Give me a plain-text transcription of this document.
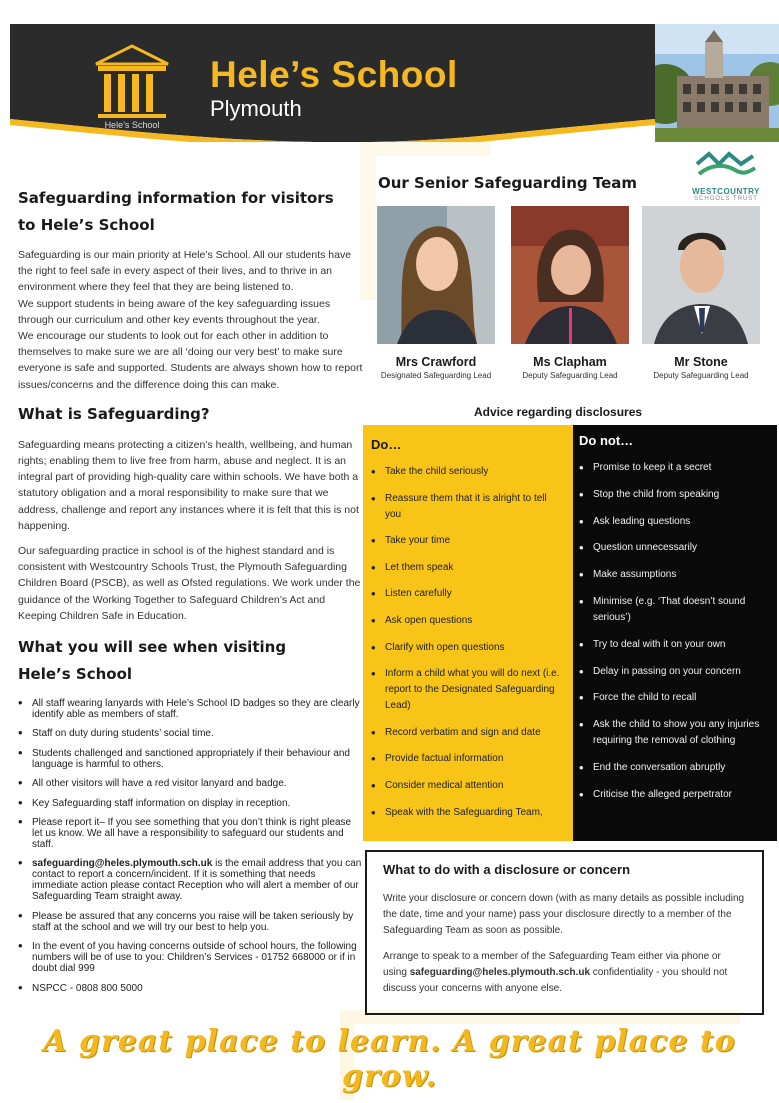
Hele’s School
Hele’s School
Plymouth
WESTCOUNTRY
SCHOOLS TRUST
Safeguarding information for visitors to Hele’s School

Safeguarding is our main priority at Hele’s School. All our students have the right to feel safe in every aspect of their lives, and to thrive in an environment where they feel that they are being listened to.

We support students in being aware of the key safeguarding issues through our curriculum and other key events throughout the year.

We encourage our students to look out for each other in addition to themselves to make sure we are all ‘doing our very best’ to make sure everyone is safe and supported. Students are always shown how to report issues/concerns and the difference doing this can make.

What is Safeguarding?

Safeguarding means protecting a citizen’s health, wellbeing, and human rights; enabling them to live free from harm, abuse and neglect. It is an integral part of providing high-quality care within schools. We have both a statutory obligation and a moral responsibility to make sure that we address, challenge and report any instances where it is felt that this is not happening.

Our safeguarding practice in school is of the highest standard and is consistent with Westcountry Schools Trust, the Plymouth Safeguarding Children Board (PSCB), as well as Ofsted regulations. We work under the guidance of the Working Together to Safeguard Children’s Act and Keeping Children Safe in Education.

What you will see when visiting Hele’s School
• All staff wearing lanyards with Hele’s School ID badges so they are clearly identify able as members of staff.
• Staff on duty during students’ social time.
• Students challenged and sanctioned appropriately if their behaviour and language is harmful to others.
• All other visitors will have a red visitor lanyard and badge.
• Key Safeguarding staff information on display in reception.
• Please report it– If you see something that you don’t think is right please let us know. We all have a responsibility to safeguard our students and staff.
• safeguarding@heles.plymouth.sch.uk is the email address that you can contact to report a concern/incident. If it is something that needs immediate action please contact Reception who will alert a member of our Safeguarding Team straight away.
• Please be assured that any concerns you raise will be taken seriously by staff at the school and we will try our best to help you.
• In the event of you having concerns outside of school hours, the following numbers will be of use to you: Children’s Services - 01752 668000 or if in doubt dial 999
• NSPCC - 0808 800 5000
Our Senior Safeguarding Team
Mrs Crawford
Designated Safeguarding Lead
Ms Clapham
Deputy Safeguarding Lead
Mr Stone
Deputy Safeguarding Lead
Advice regarding disclosures
Do…
• Take the child seriously
• Reassure them that it is alright to tell you
• Take your time
• Let them speak
• Listen carefully
• Ask open questions
• Clarify with open questions
• Inform a child what you will do next (i.e. report to the Designated Safeguarding Lead)
• Record verbatim and sign and date
• Provide factual information
• Consider medical attention
• Speak with the Safeguarding Team,
Do not…
• Promise to keep it a secret
• Stop the child from speaking
• Ask leading questions
• Question unnecessarily
• Make assumptions
• Minimise (e.g. ‘That doesn’t sound serious’)
• Try to deal with it on your own
• Delay in passing on your concern
• Force the child to recall
• Ask the child to show you any injuries requiring the removal of clothing
• End the conversation abruptly
• Criticise the alleged perpetrator
What to do with a disclosure or concern

Write your disclosure or concern down (with as many details as possible including the date, time and your name) pass your disclosure directly to a member of the Safeguarding Team as soon as possible.

Arrange to speak to a member of the Safeguarding Team either via phone or using safeguarding@heles.plymouth.sch.uk confidentiality - you should not discuss your concerns with anyone else.

A great place to learn. A great place to grow.
